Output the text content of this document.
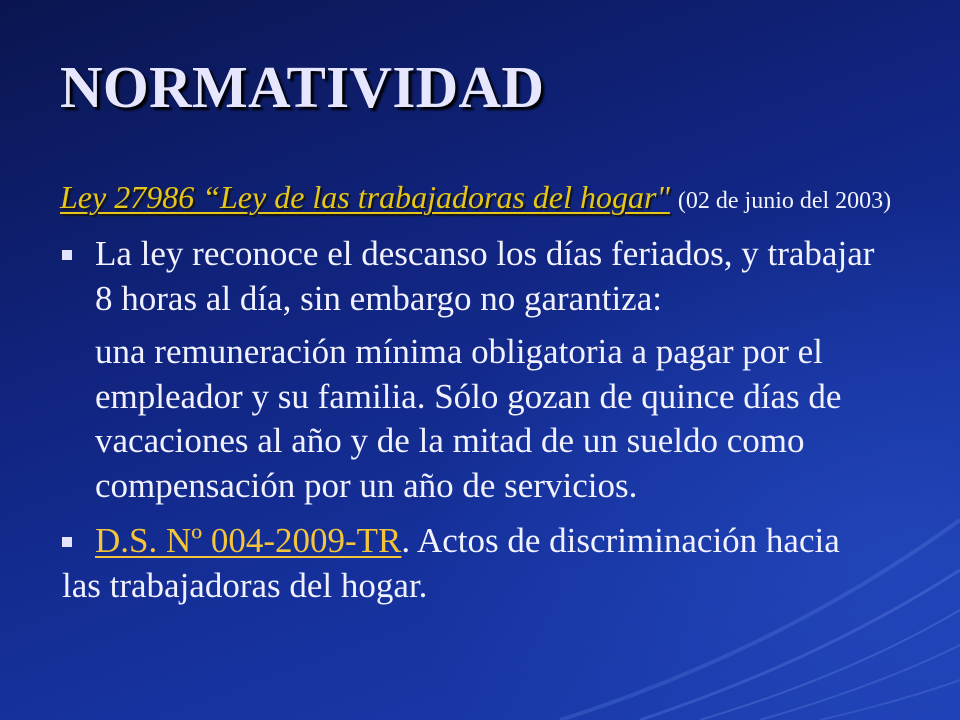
NORMATIVIDAD
Ley 27986 “Ley de las trabajadoras del hogar" (02 de junio del 2003)
La ley reconoce el descanso los días feriados, y trabajar
8 horas al día, sin embargo no garantiza:
una remuneración mínima obligatoria a pagar por el
empleador y su familia. Sólo gozan de quince días de
vacaciones al año y de la mitad de un sueldo como
compensación por un año de servicios.
D.S. Nº 004-2009-TR. Actos de discriminación hacia
las trabajadoras del hogar.
